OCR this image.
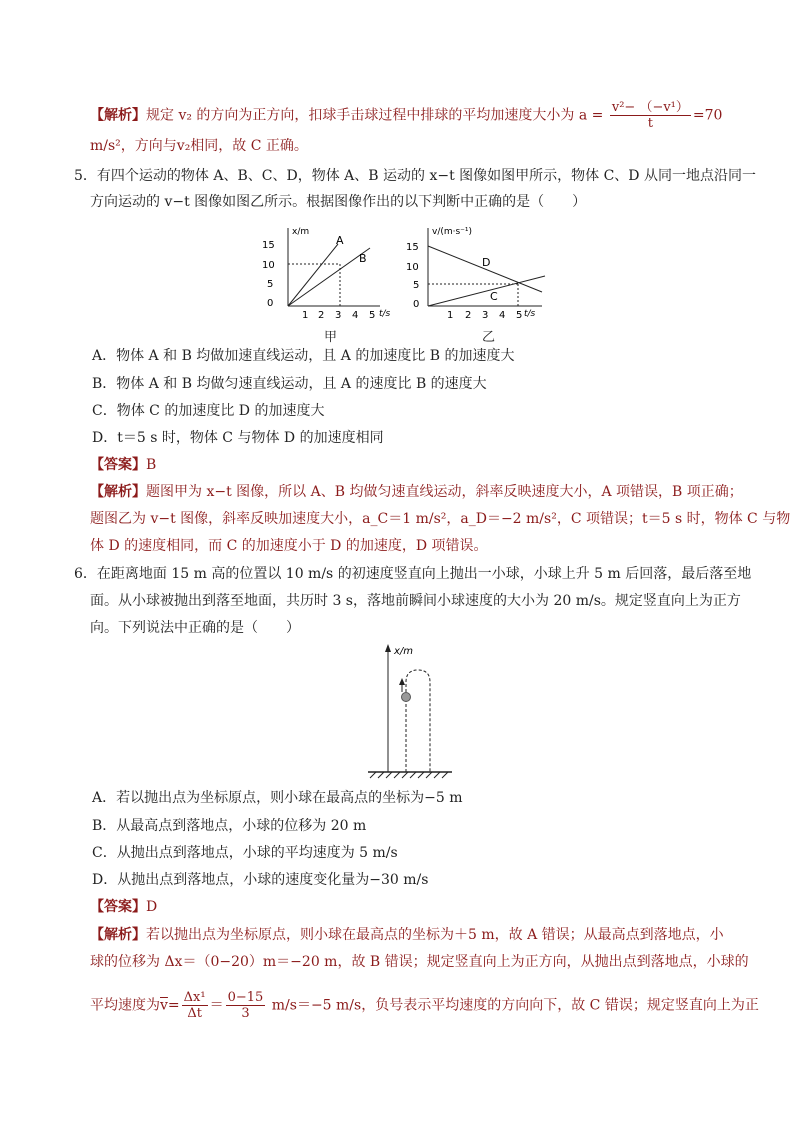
【解析】规定 v₂ 的方向为正方向，扣球手击球过程中排球的平均加速度大小为 $a = \frac{\text{v²− （−v¹）}}{t} =70$
m/s²，方向与v₂相同，故 C 正确。
5．有四个运动的物体 A、B、C、D，物体 A、B 运动的 x−t 图像如图甲所示，物体 C、D 从同一地点沿同一
方向运动的 v−t 图像如图乙所示。根据图像作出的以下判断中正确的是（　　）
x/m
15
10
5
0
1 2 3 4 5 t/s
A
B
v/(m·s⁻¹)
15
10
5
0
1 2 3 4 5 t/s
D
C
甲	乙
A．物体 A 和 B 均做加速直线运动，且 A 的加速度比 B 的加速度大
B．物体 A 和 B 均做匀速直线运动，且 A 的速度比 B 的速度大
C．物体 C 的加速度比 D 的加速度大
D．t＝5 s 时，物体 C 与物体 D 的加速度相同
【答案】B
【解析】题图甲为 x−t 图像，所以 A、B 均做匀速直线运动，斜率反映速度大小，A 项错误，B 项正确；
题图乙为 v−t 图像，斜率反映加速度大小，a_C＝1 m/s²，a_D＝−2 m/s²，C 项错误；t＝5 s 时，物体 C 与物
体 D 的速度相同，而 C 的加速度小于 D 的加速度，D 项错误。
6．在距离地面 15 m 高的位置以 10 m/s 的初速度竖直向上抛出一小球，小球上升 5 m 后回落，最后落至地
面。从小球被抛出到落至地面，共历时 3 s，落地前瞬间小球速度的大小为 20 m/s。规定竖直向上为正方
向。下列说法中正确的是（　　）
x/m
A．若以抛出点为坐标原点，则小球在最高点的坐标为−5 m
B．从最高点到落地点，小球的位移为 20 m
C．从抛出点到落地点，小球的平均速度为 5 m/s
D．从抛出点到落地点，小球的速度变化量为−30 m/s
【答案】D
【解析】若以抛出点为坐标原点，则小球在最高点的坐标为＋5 m，故 A 错误；从最高点到落地点，小
球的位移为 Δx＝（0−20）m＝−20 m，故 B 错误；规定竖直向上为正方向，从抛出点到落地点，小球的
平均速度为$\overline{v}= \frac{\text{Δx¹}}{\Delta t} = \frac{0-15}{3} m/s=-5$ m/s，负号表示平均速度的方向向下，故 C 错误；规定竖直向上为正
